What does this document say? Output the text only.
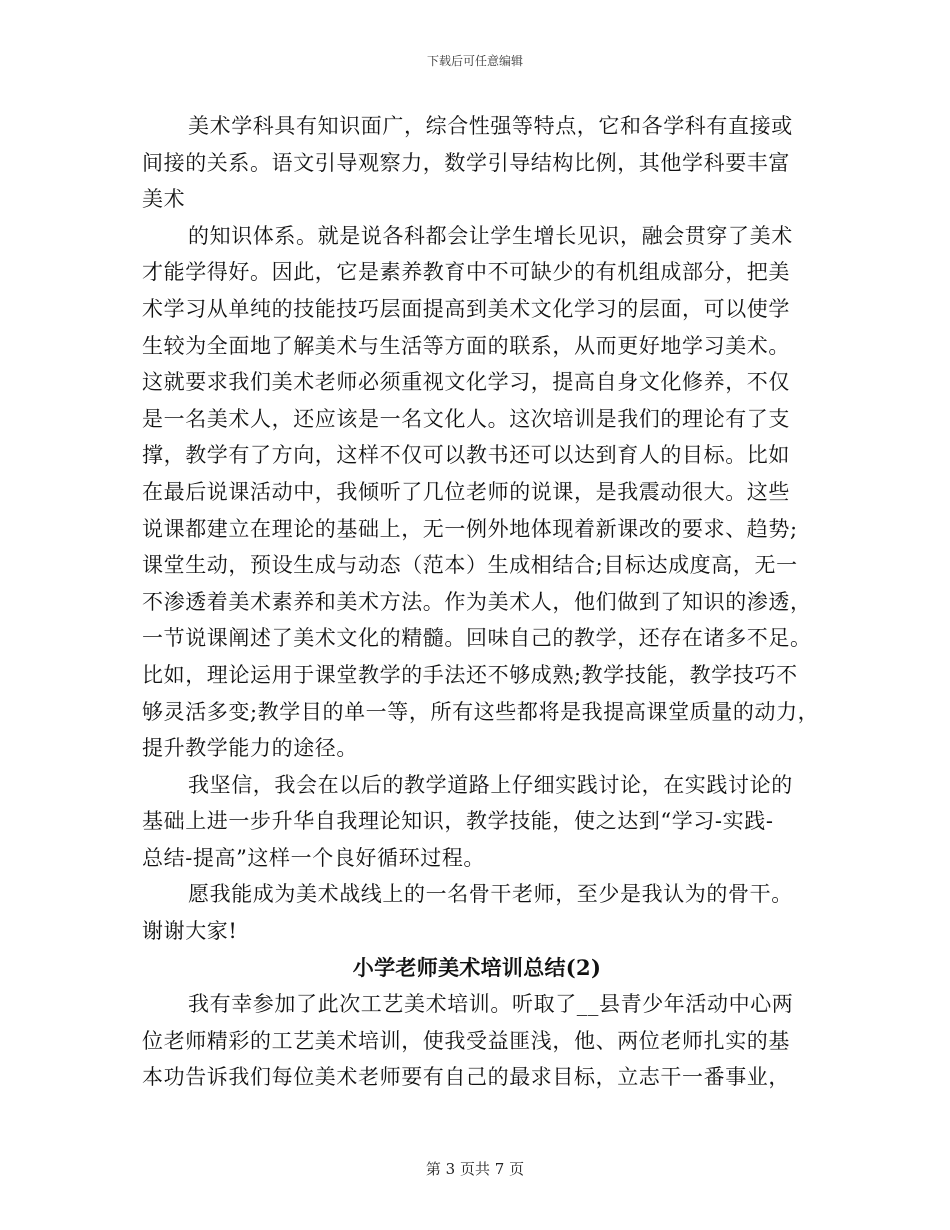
下载后可任意编辑
美术学科具有知识面广，综合性强等特点，它和各学科有直接或
间接的关系。语文引导观察力，数学引导结构比例，其他学科要丰富
美术
的知识体系。就是说各科都会让学生增长见识，融会贯穿了美术
才能学得好。因此，它是素养教育中不可缺少的有机组成部分，把美
术学习从单纯的技能技巧层面提高到美术文化学习的层面，可以使学
生较为全面地了解美术与生活等方面的联系，从而更好地学习美术。
这就要求我们美术老师必须重视文化学习，提高自身文化修养，不仅
是一名美术人，还应该是一名文化人。这次培训是我们的理论有了支
撑，教学有了方向，这样不仅可以教书还可以达到育人的目标。比如
在最后说课活动中，我倾听了几位老师的说课，是我震动很大。这些
说课都建立在理论的基础上，无一例外地体现着新课改的要求、趋势;
课堂生动，预设生成与动态（范本）生成相结合;目标达成度高，无一
不渗透着美术素养和美术方法。作为美术人，他们做到了知识的渗透，
一节说课阐述了美术文化的精髓。回味自己的教学，还存在诸多不足。
比如，理论运用于课堂教学的手法还不够成熟;教学技能，教学技巧不
够灵活多变;教学目的单一等，所有这些都将是我提高课堂质量的动力，
提升教学能力的途径。
我坚信，我会在以后的教学道路上仔细实践讨论，在实践讨论的
基础上进一步升华自我理论知识，教学技能，使之达到“学习-实践-
总结-提高”这样一个良好循环过程。
愿我能成为美术战线上的一名骨干老师，至少是我认为的骨干。
谢谢大家!
小学老师美术培训总结(2)
我有幸参加了此次工艺美术培训。听取了__县青少年活动中心两
位老师精彩的工艺美术培训，使我受益匪浅，他、两位老师扎实的基
本功告诉我们每位美术老师要有自己的最求目标，立志干一番事业，
第 3 页共 7 页
